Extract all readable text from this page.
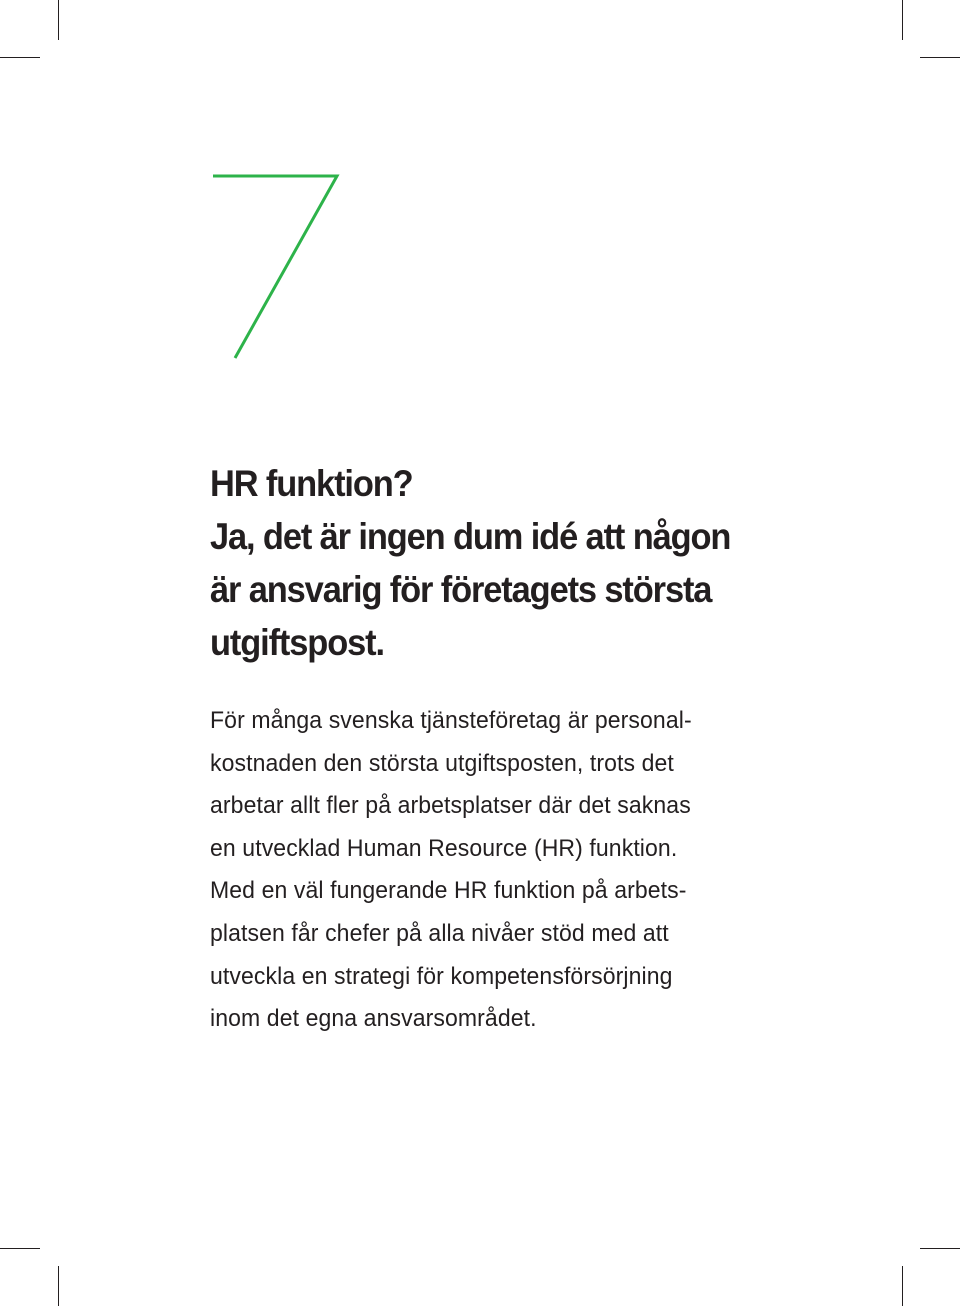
HR funktion?
Ja, det är ingen dum idé att någon
är ansvarig för företagets största
utgiftspost.

För många svenska tjänsteföretag är personal-
kostnaden den största utgiftsposten, trots det
arbetar allt fler på arbetsplatser där det saknas
en utvecklad Human Resource (HR) funktion.
Med en väl fungerande HR funktion på arbets-
platsen får chefer på alla nivåer stöd med att
utveckla en strategi för kompetensförsörjning
inom det egna ansvarsområdet.
